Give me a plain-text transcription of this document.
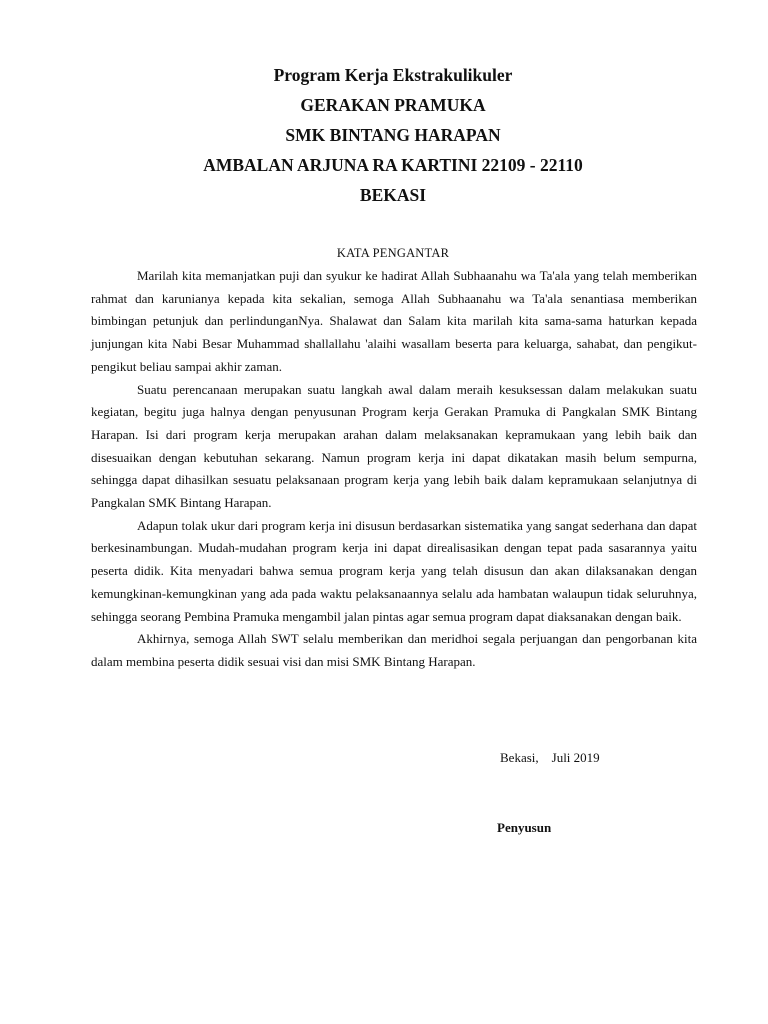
Program Kerja Ekstrakulikuler
GERAKAN PRAMUKA
SMK BINTANG HARAPAN
AMBALAN ARJUNA RA KARTINI 22109 - 22110
BEKASI
KATA PENGANTAR

Marilah kita memanjatkan puji dan syukur ke hadirat Allah Subhaanahu wa Ta'ala yang telah memberikan rahmat dan karunianya kepada kita sekalian, semoga Allah Subhaanahu wa Ta'ala senantiasa memberikan bimbingan petunjuk dan perlindunganNya. Shalawat dan Salam kita marilah kita sama-sama haturkan kepada junjungan kita Nabi Besar Muhammad shallallahu 'alaihi wasallam beserta para keluarga, sahabat, dan pengikut-pengikut beliau sampai akhir zaman.

Suatu perencanaan merupakan suatu langkah awal dalam meraih kesuksessan dalam melakukan suatu kegiatan, begitu juga halnya dengan penyusunan Program kerja Gerakan Pramuka di Pangkalan SMK Bintang Harapan. Isi dari program kerja merupakan arahan dalam melaksanakan kepramukaan yang lebih baik dan disesuaikan dengan kebutuhan sekarang. Namun program kerja ini dapat dikatakan masih belum sempurna, sehingga dapat dihasilkan sesuatu pelaksanaan program kerja yang lebih baik dalam kepramukaan selanjutnya di Pangkalan SMK Bintang Harapan.

Adapun tolak ukur dari program kerja ini disusun berdasarkan sistematika yang sangat sederhana dan dapat berkesinambungan. Mudah-mudahan program kerja ini dapat direalisasikan dengan tepat pada sasarannya yaitu peserta didik. Kita menyadari bahwa semua program kerja yang telah disusun dan akan dilaksanakan dengan kemungkinan-kemungkinan yang ada pada waktu pelaksanaannya selalu ada hambatan walaupun tidak seluruhnya, sehingga seorang Pembina Pramuka mengambil jalan pintas agar semua program dapat diaksanakan dengan baik.

Akhirnya, semoga Allah SWT selalu memberikan dan meridhoi segala perjuangan dan pengorbanan kita dalam membina peserta didik sesuai visi dan misi SMK Bintang Harapan.

Bekasi,    Juli 2019
Penyusun
